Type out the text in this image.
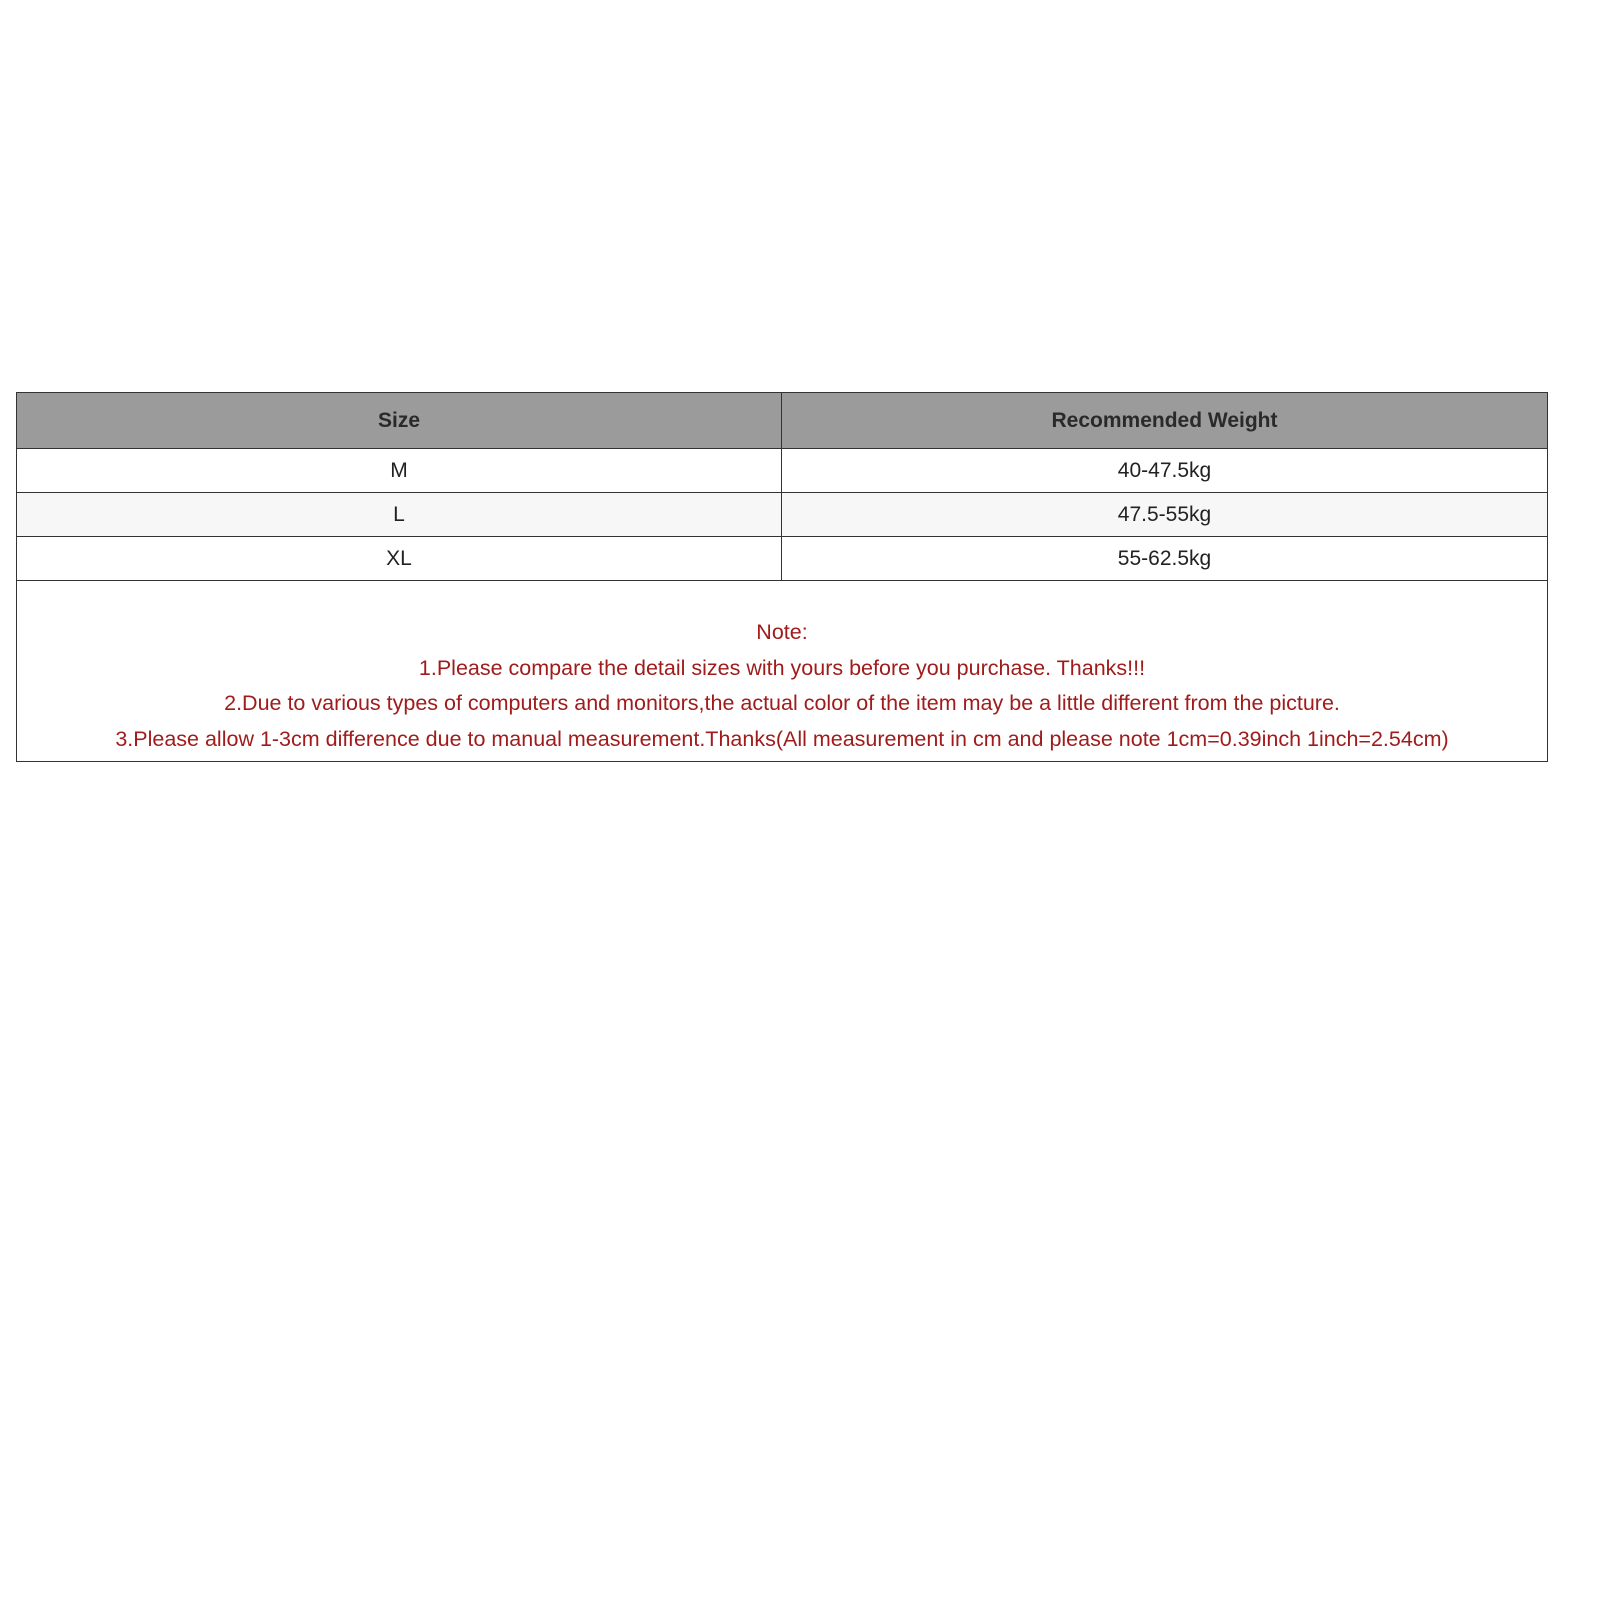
Size	Recommended Weight
M	40-47.5kg
L	47.5-55kg
XL	55-62.5kg

Note:
1.Please compare the detail sizes with yours before you purchase. Thanks!!!
2.Due to various types of computers and monitors,the actual color of the item may be a little different from the picture.
3.Please allow 1-3cm difference due to manual measurement.Thanks(All measurement in cm and please note 1cm=0.39inch 1inch=2.54cm)	
